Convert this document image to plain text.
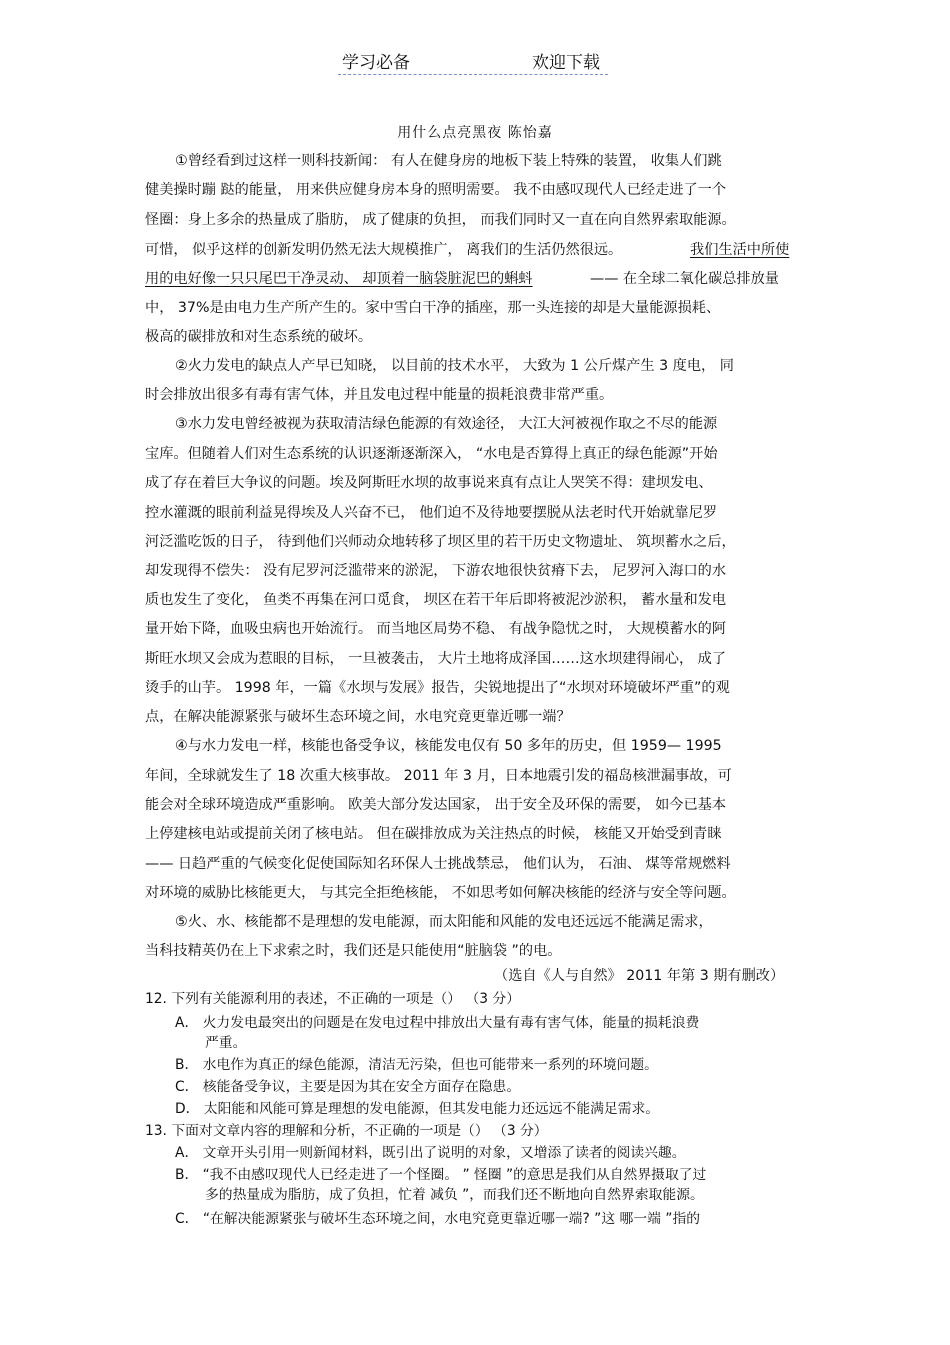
学习必备	欢迎下载
用什么点亮黑夜 陈怡嘉
①曾经看到过这样一则科技新闻： 有人在健身房的地板下装上特殊的装置， 收集人们跳
健美操时蹦 跶的能量， 用来供应健身房本身的照明需要。 我不由感叹现代人已经走进了一个
怪圈：身上多余的热量成了脂肪， 成了健康的负担， 而我们同时又一直在向自然界索取能源。
可惜， 似乎这样的创新发明仍然无法大规模推广， 离我们的生活仍然很远。	我们生活中所使
用的电好像一只只尾巴干净灵动、 却顶着一脑袋脏泥巴的蝌蚪	—— 在全球二氧化碳总排放量
中， 37%是由电力生产所产生的。家中雪白干净的插座，那一头连接的却是大量能源损耗、
极高的碳排放和对生态系统的破坏。
②火力发电的缺点人产早已知晓， 以目前的技术水平， 大致为 1 公斤煤产生 3 度电， 同
时会排放出很多有毒有害气体，并且发电过程中能量的损耗浪费非常严重。
③水力发电曾经被视为获取清洁绿色能源的有效途径， 大江大河被视作取之不尽的能源
宝库。但随着人们对生态系统的认识逐渐逐渐深入， “水电是否算得上真正的绿色能源”开始
成了存在着巨大争议的问题。埃及阿斯旺水坝的故事说来真有点让人哭笑不得：建坝发电、
控水灌溉的眼前利益晃得埃及人兴奋不已， 他们迫不及待地要摆脱从法老时代开始就靠尼罗
河泛滥吃饭的日子， 待到他们兴师动众地转移了坝区里的若干历史文物遗址、 筑坝蓄水之后，
却发现得不偿失： 没有尼罗河泛滥带来的淤泥， 下游农地很快贫瘠下去， 尼罗河入海口的水
质也发生了变化， 鱼类不再集在河口觅食， 坝区在若干年后即将被泥沙淤积， 蓄水量和发电
量开始下降，血吸虫病也开始流行。 而当地区局势不稳、 有战争隐忧之时， 大规模蓄水的阿
斯旺水坝又会成为惹眼的目标， 一旦被袭击， 大片土地将成泽国……这水坝建得闹心， 成了
烫手的山芋。 1998 年，一篇《水坝与发展》报告，尖锐地提出了“水坝对环境破坏严重”的观
点，在解决能源紧张与破坏生态环境之间，水电究竟更靠近哪一端？
④与水力发电一样，核能也备受争议，核能发电仅有 50 多年的历史，但 1959— 1995
年间，全球就发生了 18 次重大核事故。 2011 年 3 月，日本地震引发的福岛核泄漏事故，可
能会对全球环境造成严重影响。 欧美大部分发达国家， 出于安全及环保的需要， 如今已基本
上停建核电站或提前关闭了核电站。 但在碳排放成为关注热点的时候， 核能又开始受到青睐
—— 日趋严重的气候变化促使国际知名环保人士挑战禁忌， 他们认为， 石油、 煤等常规燃料
对环境的威胁比核能更大， 与其完全拒绝核能， 不如思考如何解决核能的经济与安全等问题。
⑤火、水、核能都不是理想的发电能源，而太阳能和风能的发电还远远不能满足需求，
当科技精英仍在上下求索之时，我们还是只能使用“脏脑袋 ”的电。
（选自《人与自然》 2011 年第 3 期有删改）
12. 下列有关能源利用的表述，不正确的一项是（） （3 分）
A． 火力发电最突出的问题是在发电过程中排放出大量有毒有害气体，能量的损耗浪费
严重。
B． 水电作为真正的绿色能源，清洁无污染，但也可能带来一系列的环境问题。
C． 核能备受争议，主要是因为其在安全方面存在隐患。
D． 太阳能和风能可算是理想的发电能源，但其发电能力还远远不能满足需求。
13. 下面对文章内容的理解和分析，不正确的一项是（） （3 分）
A． 文章开头引用一则新闻材料，既引出了说明的对象，又增添了读者的阅读兴趣。
B． “我不由感叹现代人已经走进了一个怪圈。 ” 怪圈 ”的意思是我们从自然界摄取了过
多的热量成为脂肪，成了负担，忙着 减负 ”，而我们还不断地向自然界索取能源。
C． “在解决能源紧张与破坏生态环境之间，水电究竟更靠近哪一端? ”这 哪一端 ”指的
